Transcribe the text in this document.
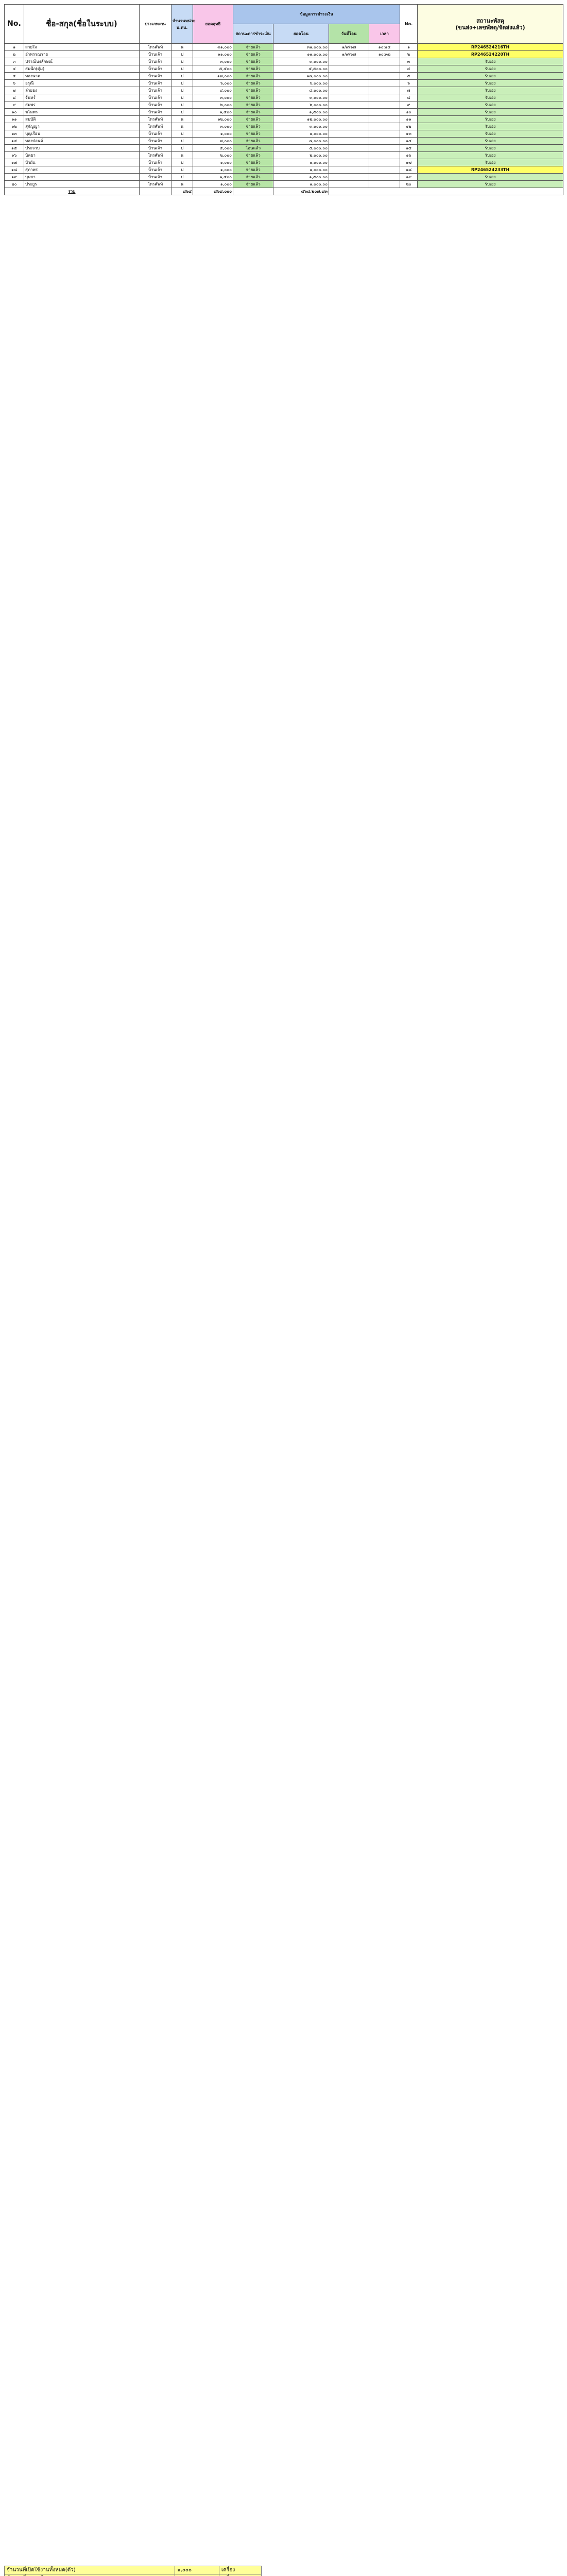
No.	ชื่อ-สกุล(ชื่อในระบบ)	ประเภทงาน	จำนวนหน่วย
บ.ทบ.	ยอดสุทธิ	ข้อมูลการชำระเงิน				No.	สถานะพัสดุ
(ขนส่ง+เลขพัสดุ/จัดส่งแล้ว)
					สถานะการชำระเงิน	ยอดโอน	วันที่โอน	เวลา		
๑	สายใจ	โทรศัพท์	น	๓๑,๐๐๐	จ่ายแล้ว	๓๑,๐๐๐.๐๐	๑/๙/๖๗	๑๐:๑๔	๑	RP246524216TH
๒	อำพรรณราย	บ้านเจ้า	ป	๑๑,๐๐๐	จ่ายแล้ว	๑๑,๐๐๐.๐๐	๑/๙/๖๗	๑๐:๓๒	๒	RP246524220TH
๓	ปราณีนงลักษณ์	บ้านเจ้า	ป	๓,๐๐๐	จ่ายแล้ว	๓,๐๐๐.๐๐			๓	รับเอง
๔	สมนึก(ตุ๋ม)	บ้านเจ้า	ป	๕,๕๐๐	จ่ายแล้ว	๕,๕๐๐.๐๐			๔	รับเอง
๕	ทองนาค	บ้านเจ้า	ป	๑๗,๐๐๐	จ่ายแล้ว	๑๗,๐๐๐.๐๐			๕	รับเอง
๖	อรุณี	บ้านเจ้า	ป	๖,๐๐๐	จ่ายแล้ว	๖,๐๐๐.๐๐			๖	รับเอง
๗	ลำยอง	บ้านเจ้า	ป	๔,๐๐๐	จ่ายแล้ว	๔,๐๐๐.๐๐			๗	รับเอง
๘	จันทร์	บ้านเจ้า	ป	๓,๐๐๐	จ่ายแล้ว	๓,๐๐๐.๐๐			๘	รับเอง
๙	สมพร	บ้านเจ้า	ป	๒,๐๐๐	จ่ายแล้ว	๒,๐๐๐.๐๐			๙	รับเอง
๑๐	ชไมพร	บ้านเจ้า	ป	๑,๕๐๐	จ่ายแล้ว	๑,๕๐๐.๐๐			๑๐	รับเอง
๑๑	สมบัติ	โทรศัพท์	น	๑๒,๐๐๐	จ่ายแล้ว	๑๒,๐๐๐.๐๐			๑๑	รับเอง
๑๒	สุกัญญา	โทรศัพท์	น	๓,๐๐๐	จ่ายแล้ว	๓,๐๐๐.๐๐			๑๒	รับเอง
๑๓	บุญเรือน	บ้านเจ้า	ป	๑,๐๐๐	จ่ายแล้ว	๑,๐๐๐.๐๐			๑๓	รับเอง
๑๔	ทองปอนด์	บ้านเจ้า	ป	๗,๐๐๐	จ่ายแล้ว	๗,๐๐๐.๐๐			๑๔	รับเอง
๑๕	ประจวบ	บ้านเจ้า	ป	๕,๐๐๐	โอนแล้ว	๕,๐๐๐.๐๐			๑๕	รับเอง
๑๖	นิตยา	โทรศัพท์	น	๒,๐๐๐	จ่ายแล้ว	๒,๐๐๐.๐๐			๑๖	รับเอง
๑๗	บัวผัน	บ้านเจ้า	ป	๑,๐๐๐	จ่ายแล้ว	๑,๐๐๐.๐๐			๑๗	รับเอง
๑๘	สุภาพร	บ้านเจ้า	ป	๑,๐๐๐	จ่ายแล้ว	๑,๐๐๐.๐๐			๑๘	RP246524233TH
๑๙	บุษบา	บ้านเจ้า	ป	๑,๕๐๐	จ่ายแล้ว	๑,๕๐๐.๐๐			๑๙	รับเอง
๒๐	ประยูร	โทรศัพท์	น	๑,๐๐๐	จ่ายแล้ว	๑,๐๐๐.๐๐			๒๐	รับเอง
รวม			๘๖๔	๘๖๘,๐๐๐		๘๖๘,๒๐๗.๘๓				
จำนวนที่เปิดใช้งานทั้งหมด(ตัว)	๑,๐๐๐	เครื่อง
